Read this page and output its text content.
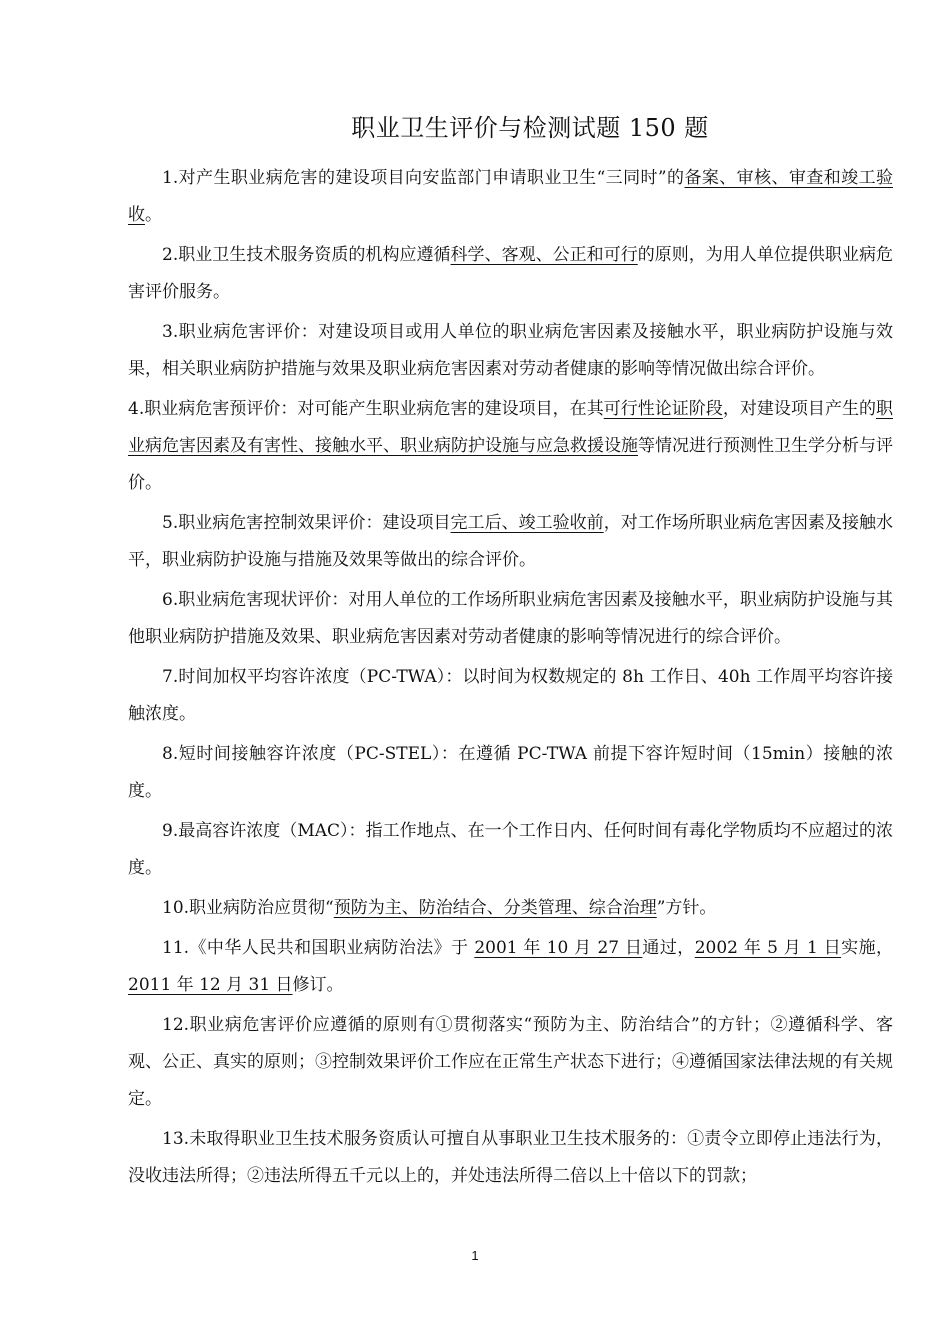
职业卫生评价与检测试题 150 题

1.对产生职业病危害的建设项目向安监部门申请职业卫生“三同时”的备案、审核、审查和竣工验收。

2.职业卫生技术服务资质的机构应遵循科学、客观、公正和可行的原则，为用人单位提供职业病危害评价服务。

3.职业病危害评价：对建设项目或用人单位的职业病危害因素及接触水平，职业病防护设施与效果，相关职业病防护措施与效果及职业病危害因素对劳动者健康的影响等情况做出综合评价。

4.职业病危害预评价：对可能产生职业病危害的建设项目，在其可行性论证阶段，对建设项目产生的职业病危害因素及有害性、接触水平、职业病防护设施与应急救援设施等情况进行预测性卫生学分析与评价。

5.职业病危害控制效果评价：建设项目完工后、竣工验收前，对工作场所职业病危害因素及接触水平，职业病防护设施与措施及效果等做出的综合评价。

6.职业病危害现状评价：对用人单位的工作场所职业病危害因素及接触水平，职业病防护设施与其他职业病防护措施及效果、职业病危害因素对劳动者健康的影响等情况进行的综合评价。

7.时间加权平均容许浓度（PC-TWA）：以时间为权数规定的 8h 工作日、40h 工作周平均容许接触浓度。

8.短时间接触容许浓度（PC-STEL）：在遵循 PC-TWA 前提下容许短时间（15min）接触的浓度。

9.最高容许浓度（MAC）：指工作地点、在一个工作日内、任何时间有毒化学物质均不应超过的浓度。

10.职业病防治应贯彻“预防为主、防治结合、分类管理、综合治理”方针。

11.《中华人民共和国职业病防治法》于 2001 年 10 月 27 日通过，2002 年 5 月 1 日实施，2011 年 12 月 31 日修订。

12.职业病危害评价应遵循的原则有①贯彻落实“预防为主、防治结合”的方针；②遵循科学、客观、公正、真实的原则；③控制效果评价工作应在正常生产状态下进行；④遵循国家法律法规的有关规定。

13.未取得职业卫生技术服务资质认可擅自从事职业卫生技术服务的：①责令立即停止违法行为，没收违法所得；②违法所得五千元以上的，并处违法所得二倍以上十倍以下的罚款；

1
